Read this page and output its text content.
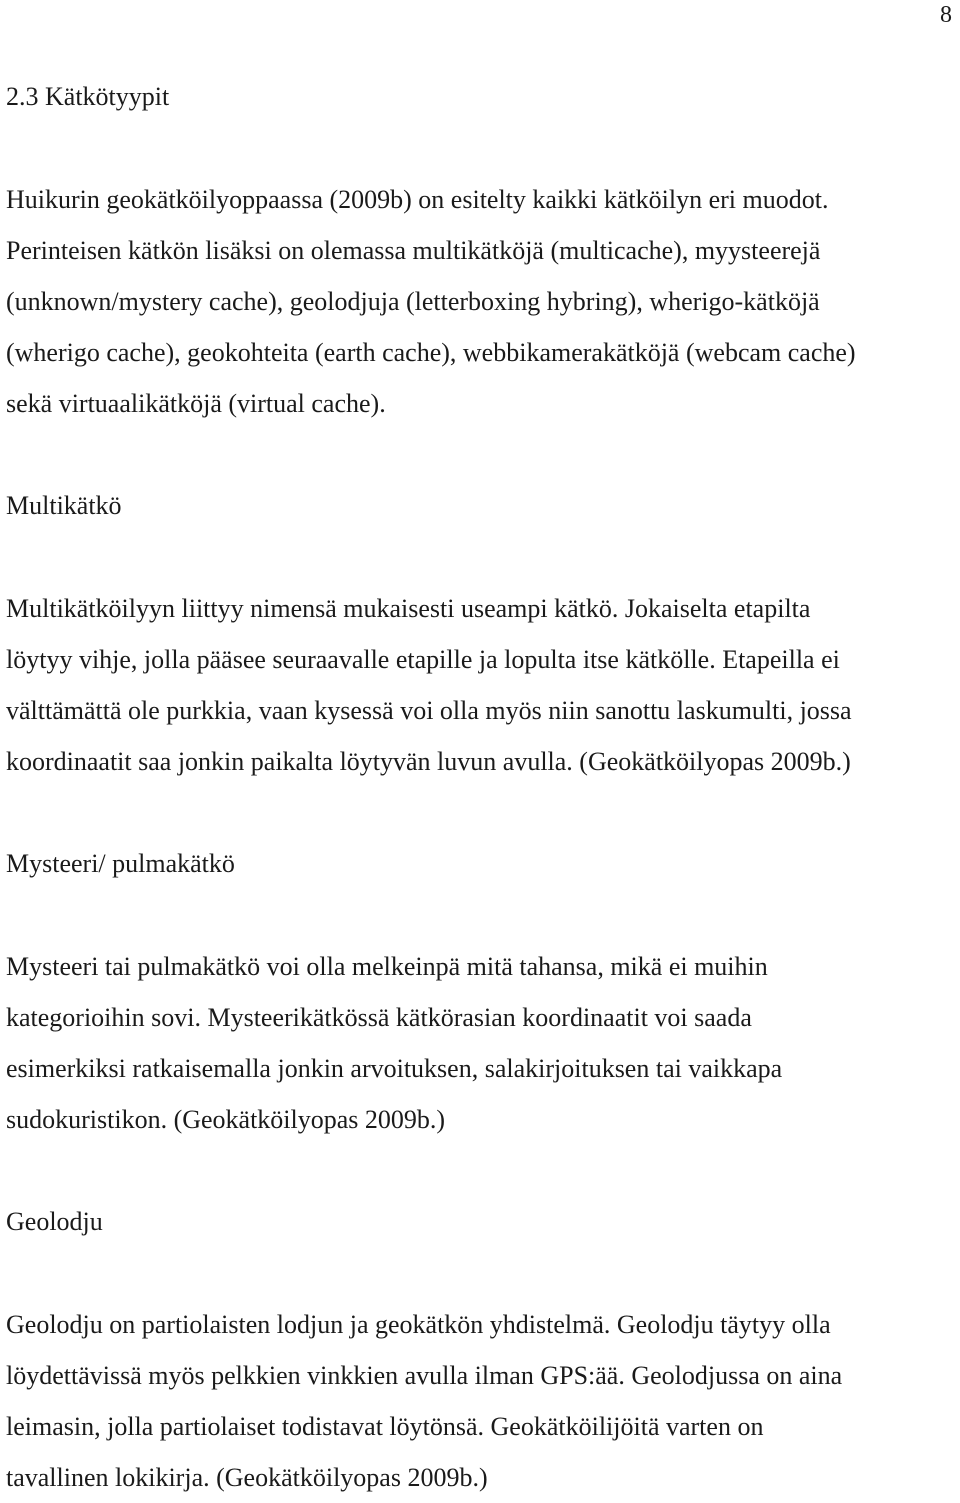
8
2.3 Kätkötyypit

Huikurin geokätköilyoppaassa (2009b) on esitelty kaikki kätköilyn eri muodot.
Perinteisen kätkön lisäksi on olemassa multikätköjä (multicache), myysteerejä
(unknown/mystery cache), geolodjuja (letterboxing hybring), wherigo-kätköjä
(wherigo cache), geokohteita (earth cache), webbikamerakätköjä (webcam cache)
sekä virtuaalikätköjä (virtual cache).

Multikätkö

Multikätköilyyn liittyy nimensä mukaisesti useampi kätkö. Jokaiselta etapilta
löytyy vihje, jolla pääsee seuraavalle etapille ja lopulta itse kätkölle. Etapeilla ei
välttämättä ole purkkia, vaan kysessä voi olla myös niin sanottu laskumulti, jossa
koordinaatit saa jonkin paikalta löytyvän luvun avulla. (Geokätköilyopas 2009b.)

Mysteeri/ pulmakätkö

Mysteeri tai pulmakätkö voi olla melkeinpä mitä tahansa, mikä ei muihin
kategorioihin sovi. Mysteerikätkössä kätkörasian koordinaatit voi saada
esimerkiksi ratkaisemalla jonkin arvoituksen, salakirjoituksen tai vaikkapa
sudokuristikon. (Geokätköilyopas 2009b.)

Geolodju

Geolodju on partiolaisten lodjun ja geokätkön yhdistelmä. Geolodju täytyy olla
löydettävissä myös pelkkien vinkkien avulla ilman GPS:ää. Geolodjussa on aina
leimasin, jolla partiolaiset todistavat löytönsä. Geokätköilijöitä varten on
tavallinen lokikirja. (Geokätköilyopas 2009b.)
